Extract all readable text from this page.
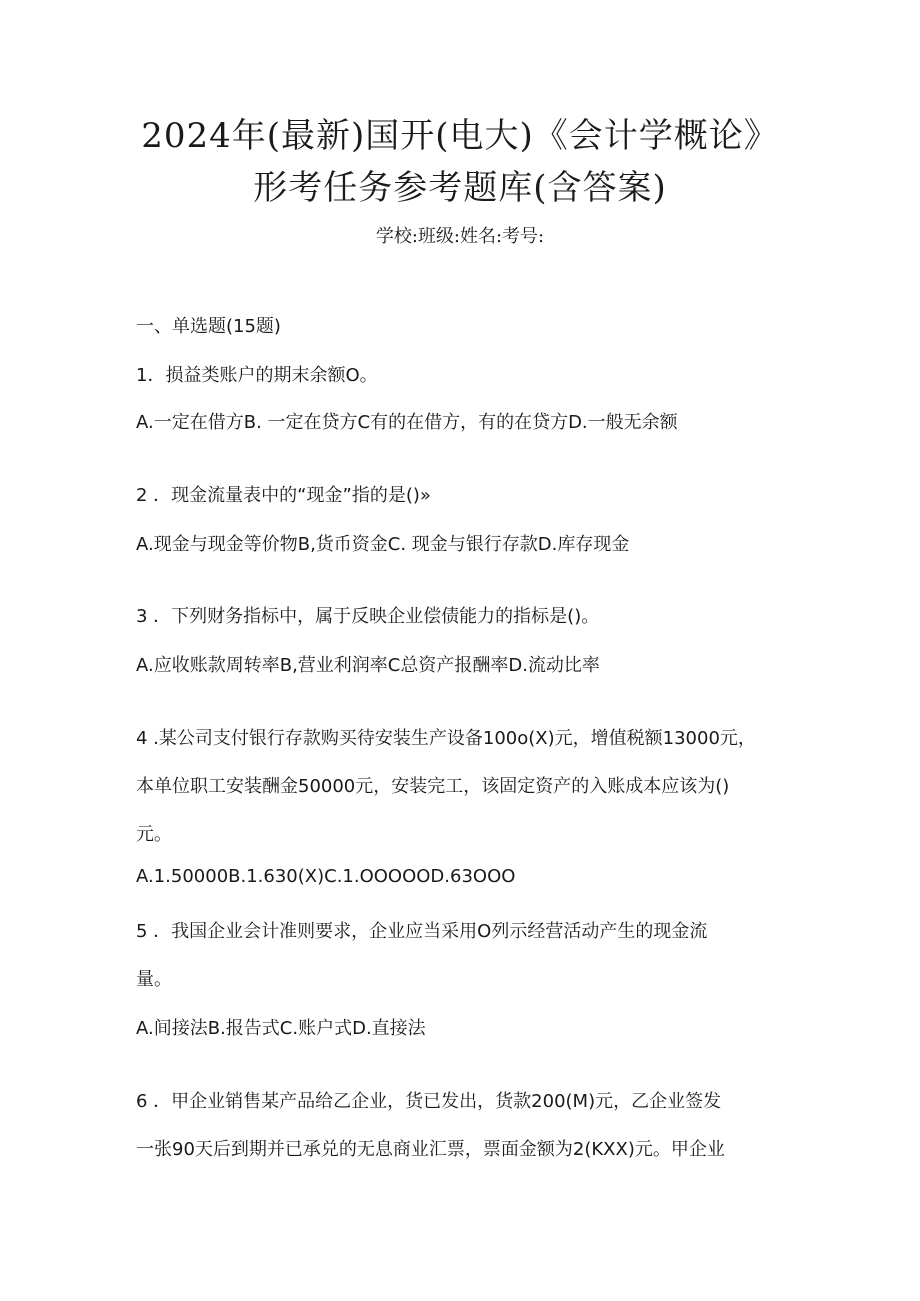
2024年(最新)国开(电大)《会计学概论》
形考任务参考题库(含答案)
学校:班级:姓名:考号:
一、单选题(15题)
1．损益类账户的期末余额O。
A.一定在借方B. 一定在贷方C有的在借方，有的在贷方D.一般无余额
2 ．现金流量表中的“现金”指的是()»
A.现金与现金等价物B,货币资金C. 现金与银行存款D.库存现金
3 ．下列财务指标中，属于反映企业偿债能力的指标是()。
A.应收账款周转率B,营业利润率C总资产报酬率D.流动比率
4 .某公司支付银行存款购买待安装生产设备100o(X)元，增值税额13000元，
本单位职工安装酬金50000元，安装完工，该固定资产的入账成本应该为()
元。
A.1.50000B.1.630(X)C.1.OOOOOD.63OOO
5 ．我国企业会计准则要求，企业应当采用O列示经营活动产生的现金流
量。
A.间接法B.报告式C.账户式D.直接法
6 ．甲企业销售某产品给乙企业，货已发出，货款200(M)元，乙企业签发
一张90天后到期并已承兑的无息商业汇票，票面金额为2(KXX)元。甲企业
